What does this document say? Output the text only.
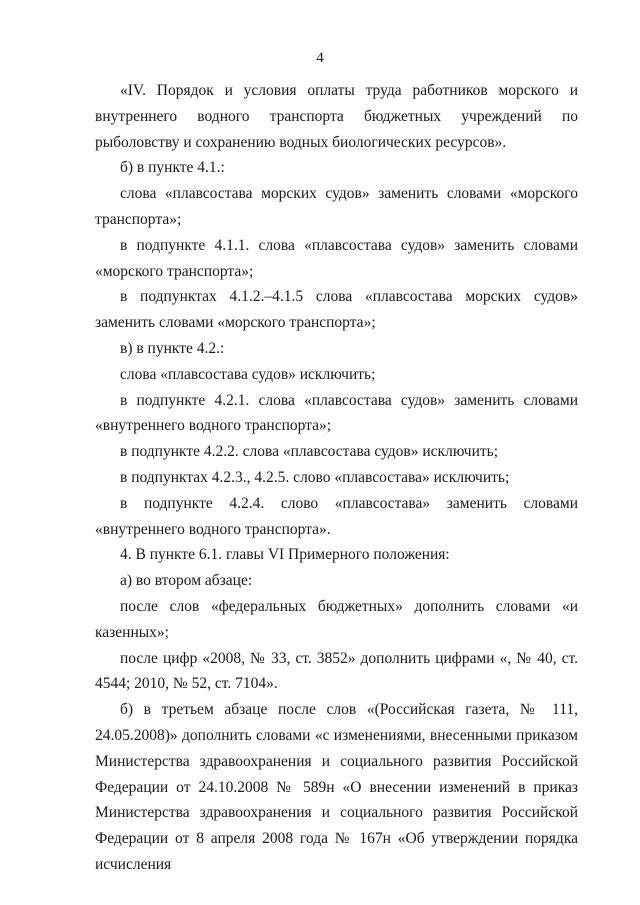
4

«IV. Порядок и условия оплаты труда работников морского и внутреннего водного транспорта бюджетных учреждений по рыболовству и сохранению водных биологических ресурсов».

б) в пункте 4.1.:

слова «плавсостава морских судов» заменить словами «морского транспорта»;

в подпункте 4.1.1. слова «плавсостава судов» заменить словами «морского транспорта»;

в подпунктах 4.1.2.–4.1.5 слова «плавсостава морских судов» заменить словами «морского транспорта»;

в) в пункте 4.2.:

слова «плавсостава судов» исключить;

в подпункте 4.2.1. слова «плавсостава судов» заменить словами «внутреннего водного транспорта»;

в подпункте 4.2.2. слова «плавсостава судов» исключить;

в подпунктах 4.2.3., 4.2.5. слово «плавсостава» исключить;

в подпункте 4.2.4. слово «плавсостава» заменить словами «внутреннего водного транспорта».

4. В пункте 6.1. главы VI Примерного положения:

а) во втором абзаце:

после слов «федеральных бюджетных» дополнить словами «и казенных»;

после цифр «2008, № 33, ст. 3852» дополнить цифрами «, № 40, ст. 4544; 2010, № 52, ст. 7104».

б) в третьем абзаце после слов «(Российская газета, № 111, 24.05.2008)» дополнить словами «с изменениями, внесенными приказом Министерства здравоохранения и социального развития Российской Федерации от 24.10.2008 № 589н «О внесении изменений в приказ Министерства здравоохранения и социального развития Российской Федерации от 8 апреля 2008 года № 167н «Об утверждении порядка исчисления
